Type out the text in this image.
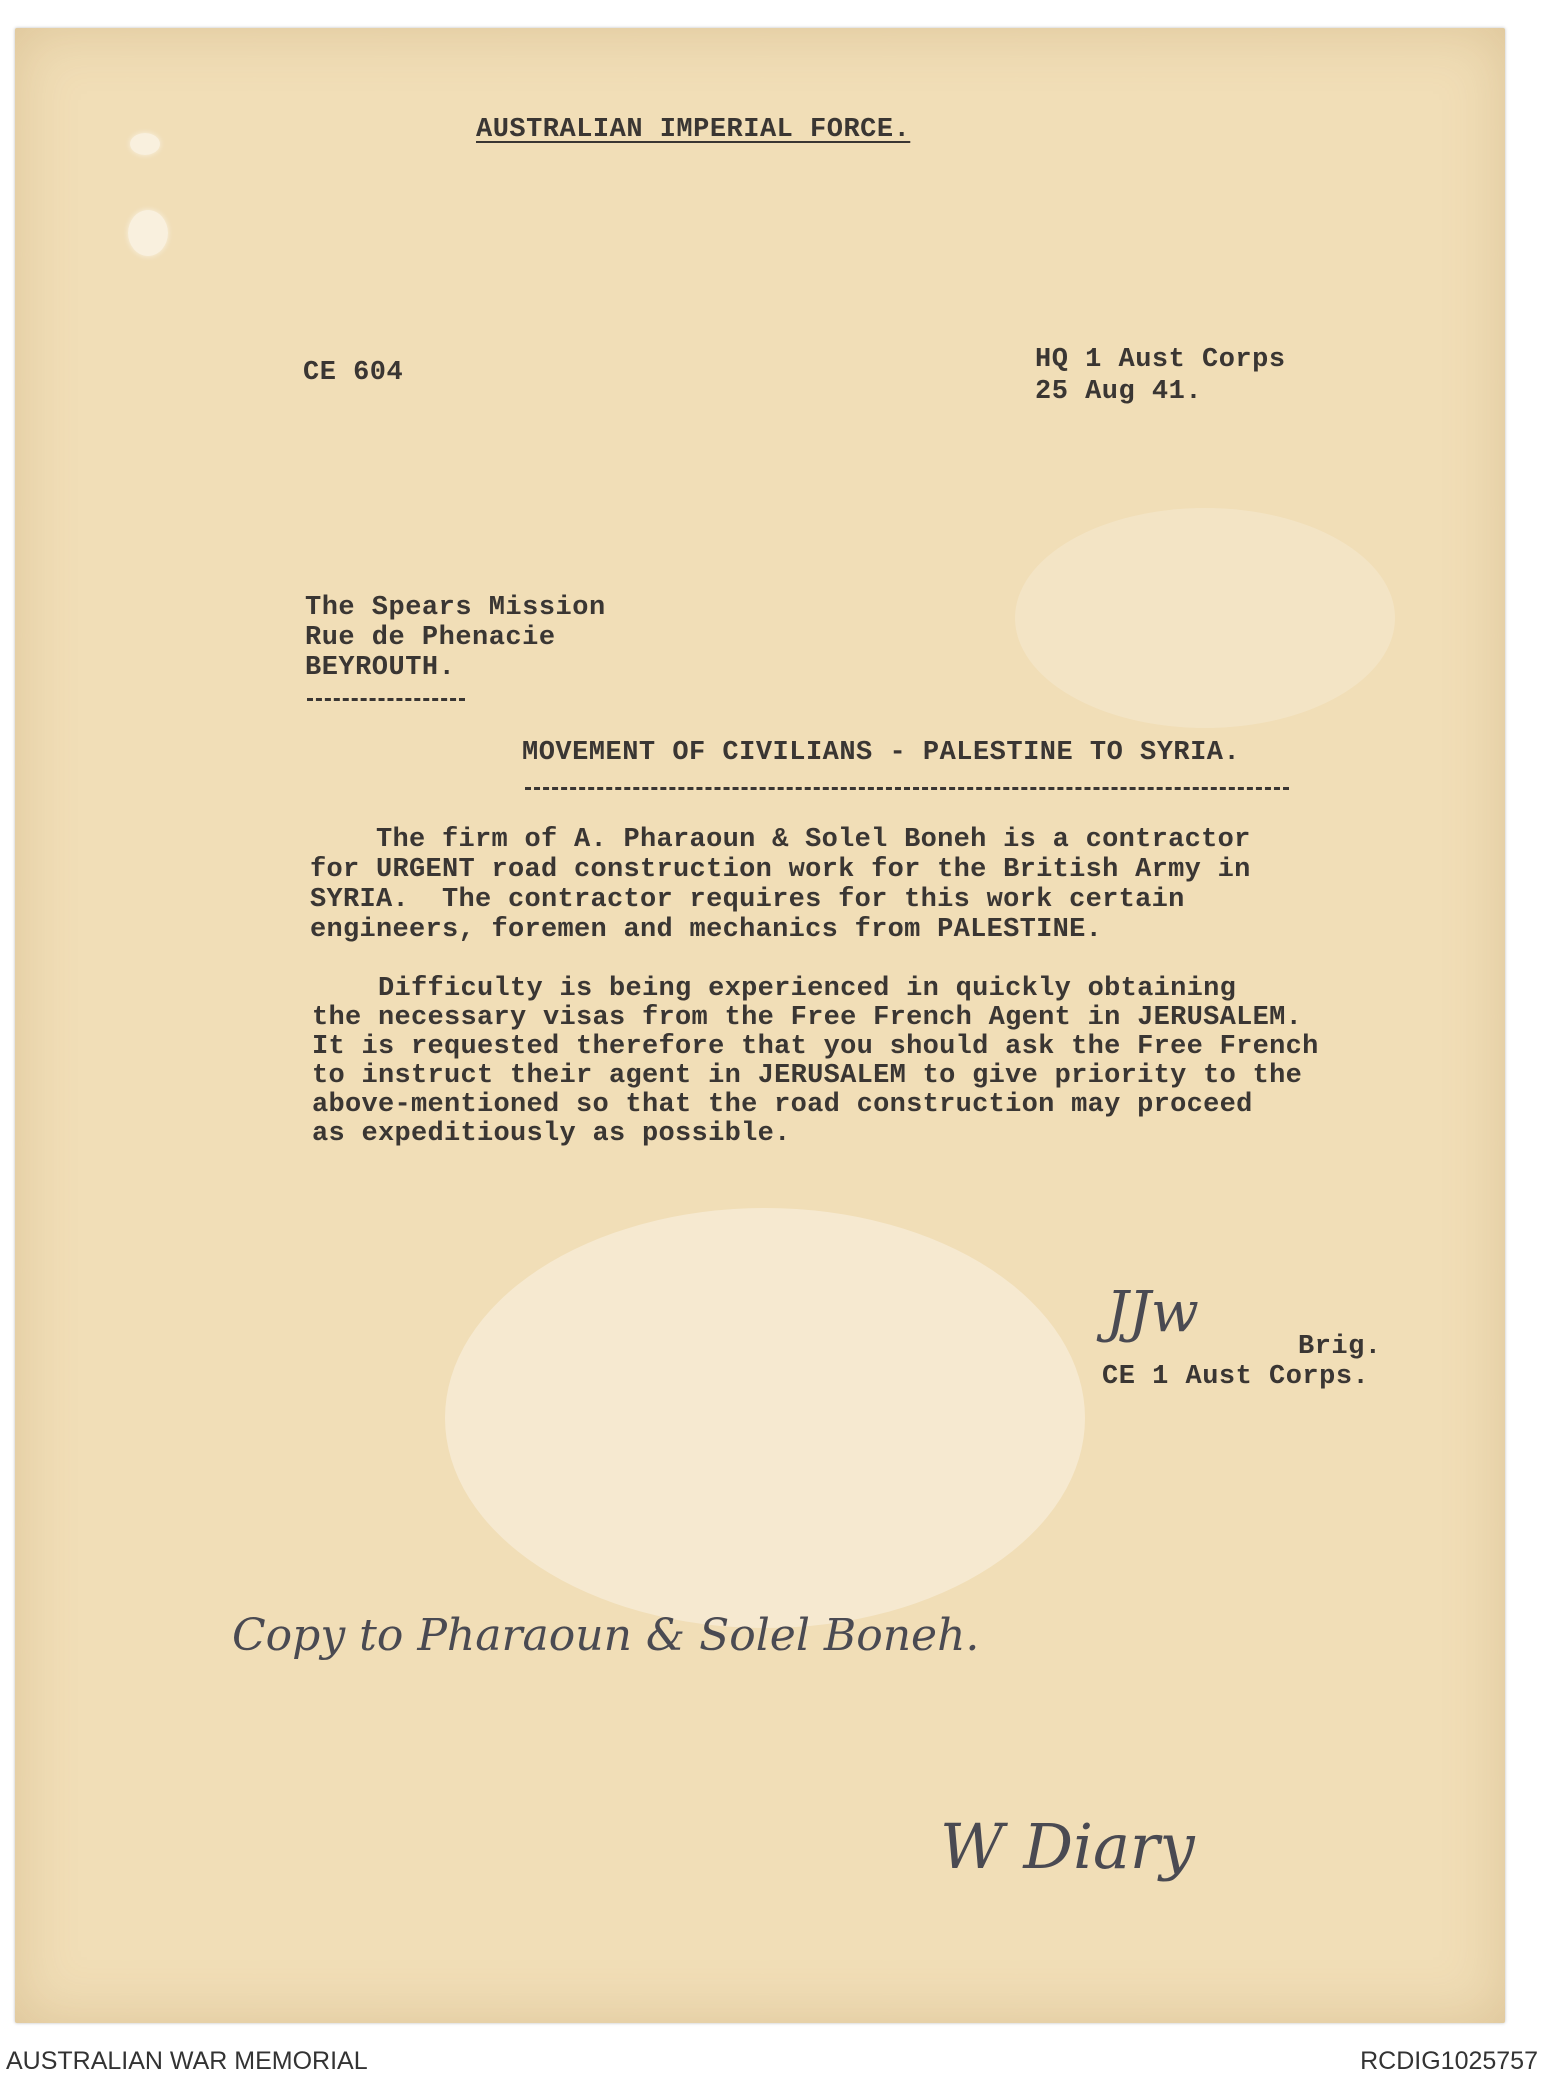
AUSTRALIAN IMPERIAL FORCE.
CE 604	HQ 1 Aust Corps
25 Aug 41.
The Spears Mission
Rue de Phenacie
BEYROUTH.
MOVEMENT OF CIVILIANS - PALESTINE TO SYRIA.
The firm of A. Pharaoun & Solel Boneh is a contractor
for URGENT road construction work for the British Army in
SYRIA.  The contractor requires for this work certain
engineers, foremen and mechanics from PALESTINE.
Difficulty is being experienced in quickly obtaining
the necessary visas from the Free French Agent in JERUSALEM.
It is requested therefore that you should ask the Free French
to instruct their agent in JERUSALEM to give priority to the
above-mentioned so that the road construction may proceed
as expeditiously as possible.
JJw
Brig.
CE 1 Aust Corps.
Copy to Pharaoun & Solel Boneh.
W Diary
AUSTRALIAN WAR MEMORIAL	RCDIG1025757
